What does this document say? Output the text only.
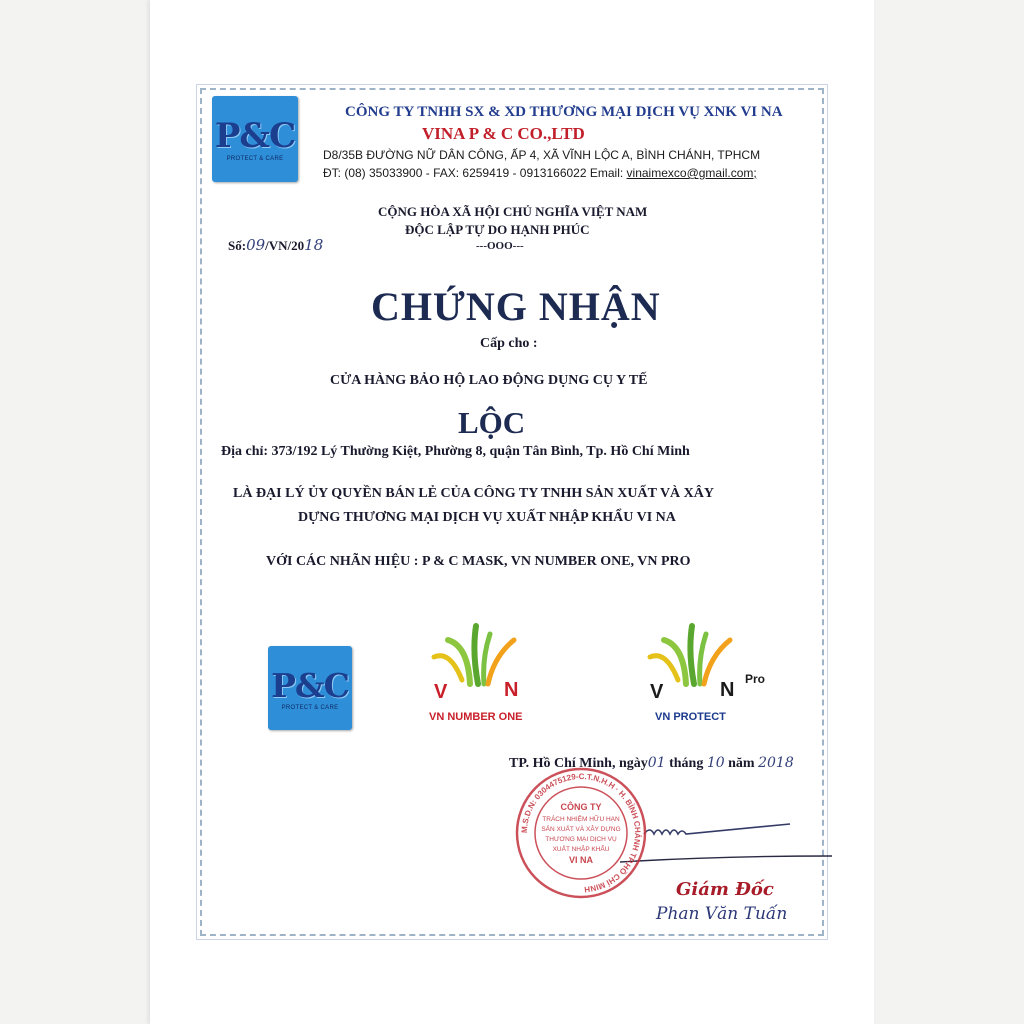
P&C
PROTECT & CARE
CÔNG TY TNHH SX & XD THƯƠNG MẠI DỊCH VỤ XNK VI NA
VINA P & C CO.,LTD
D8/35B ĐƯỜNG NỮ DÂN CÔNG, ẤP 4, XÃ VĨNH LỘC A, BÌNH CHÁNH, TPHCM
ĐT: (08) 35033900 - FAX: 6259419 - 0913166022 Email: vinaimexco@gmail.com;
CỘNG HÒA XÃ HỘI CHỦ NGHĨA VIỆT NAM
ĐỘC LẬP TỰ DO HẠNH PHÚC
---OOO---
Số:09/VN/2018
CHỨNG NHẬN
Cấp cho :
CỬA HÀNG BẢO HỘ LAO ĐỘNG DỤNG CỤ Y TẾ
LỘC
Địa chỉ: 373/192 Lý Thường Kiệt, Phường 8, quận Tân Bình, Tp. Hồ Chí Minh
LÀ ĐẠI LÝ ỦY QUYỀN BÁN LẺ CỦA CÔNG TY TNHH SẢN XUẤT VÀ XÂY
DỰNG THƯƠNG MẠI DỊCH VỤ XUẤT NHẬP KHẨU VI NA
VỚI CÁC NHÃN HIỆU : P & C MASK, VN NUMBER ONE, VN PRO
P&C
PROTECT & CARE
V	N
VN NUMBER ONE
V	N Pro
VN PROTECT
TP. Hồ Chí Minh, ngày01 tháng 10 năm 2018
M.S.D.N: 0304475129-C.T.N.H.H · H. BÌNH CHÁNH TP.HỒ CHÍ MINH
CÔNG TY
TRÁCH NHIỆM HỮU HẠN
SẢN XUẤT VÀ XÂY DỰNG
THƯƠNG MẠI DỊCH VỤ
XUẤT NHẬP KHẨU
VI NA
Giám Đốc
Phan Văn Tuấn
